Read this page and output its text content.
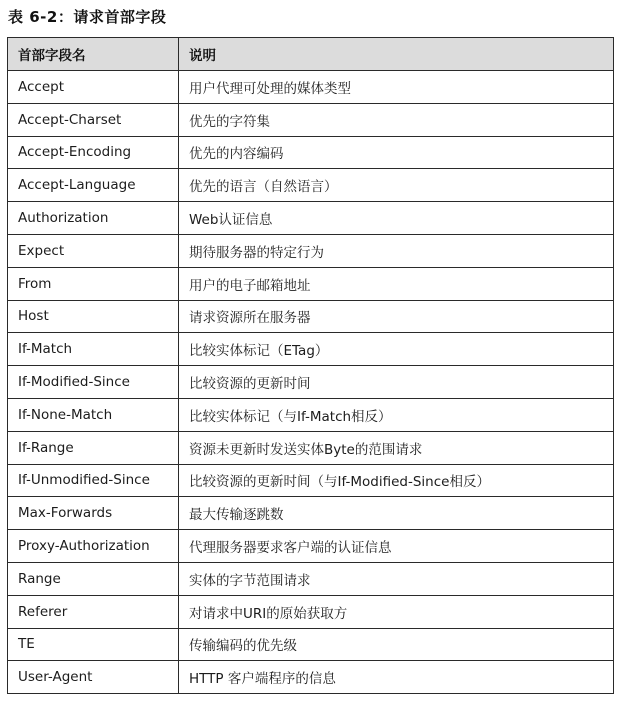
表 6-2：请求首部字段
首部字段名	说明
Accept	用户代理可处理的媒体类型
Accept-Charset	优先的字符集
Accept-Encoding	优先的内容编码
Accept-Language	优先的语言（自然语言）
Authorization	Web认证信息
Expect	期待服务器的特定行为
From	用户的电子邮箱地址
Host	请求资源所在服务器
If-Match	比较实体标记（ETag）
If-Modified-Since	比较资源的更新时间
If-None-Match	比较实体标记（与If-Match相反）
If-Range	资源未更新时发送实体Byte的范围请求
If-Unmodified-Since	比较资源的更新时间（与If-Modified-Since相反）
Max-Forwards	最大传输逐跳数
Proxy-Authorization	代理服务器要求客户端的认证信息
Range	实体的字节范围请求
Referer	对请求中URI的原始获取方
TE	传输编码的优先级
User-Agent	HTTP 客户端程序的信息
